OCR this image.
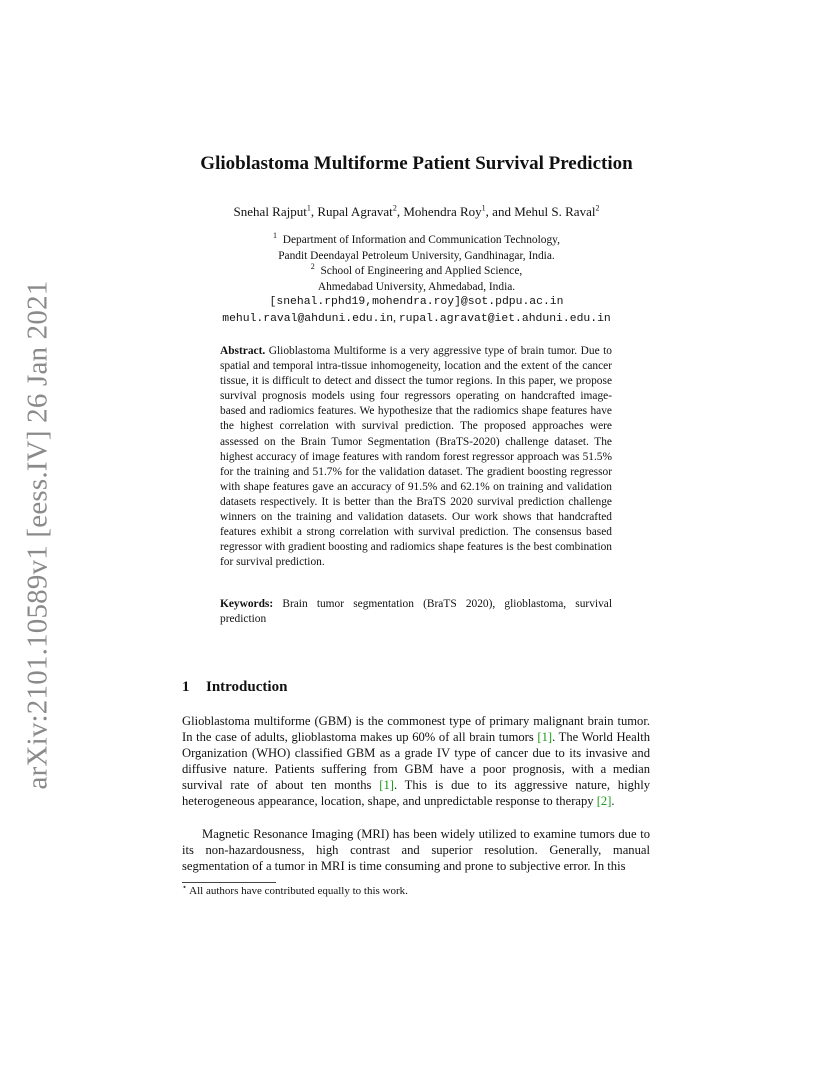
arXiv:2101.10589v1 [eess.IV] 26 Jan 2021
Glioblastoma Multiforme Patient Survival Prediction
Snehal Rajput$^1$, Rupal Agravat$^2$, Mohendra Roy$^1$, and Mehul S. Raval$^2$
$^1$ Department of Information and Communication Technology,
Pandit Deendayal Petroleum University, Gandhinagar, India.
$^2$ School of Engineering and Applied Science,
Ahmedabad University, Ahmedabad, India.
[snehal.rphd19,mohendra.roy]@sot.pdpu.ac.in
mehul.raval@ahduni.edu.in, rupal.agravat@iet.ahduni.edu.in
Abstract. Glioblastoma Multiforme is a very aggressive type of brain tumor. Due to spatial and temporal intra-tissue inhomogeneity, location and the extent of the cancer tissue, it is difficult to detect and dissect the tumor regions. In this paper, we propose survival prognosis models using four regressors operating on handcrafted image-based and radiomics features. We hypothesize that the radiomics shape features have the highest correlation with survival prediction. The proposed approaches were assessed on the Brain Tumor Segmentation (BraTS-2020) challenge dataset. The highest accuracy of image features with random forest regressor approach was 51.5% for the training and 51.7% for the validation dataset. The gradient boosting regressor with shape features gave an accuracy of 91.5% and 62.1% on training and validation datasets respectively. It is better than the BraTS 2020 survival prediction challenge winners on the training and validation datasets. Our work shows that handcrafted features exhibit a strong correlation with survival prediction. The consensus based regressor with gradient boosting and radiomics shape features is the best combination for survival prediction.
Keywords: Brain tumor segmentation (BraTS 2020), glioblastoma, survival prediction
1 Introduction
Glioblastoma multiforme (GBM) is the commonest type of primary malignant brain tumor. In the case of adults, glioblastoma makes up 60% of all brain tumors [1]. The World Health Organization (WHO) classified GBM as a grade IV type of cancer due to its invasive and diffusive nature. Patients suffering from GBM have a poor prognosis, with a median survival rate of about ten months [1]. This is due to its aggressive nature, highly heterogeneous appearance, location, shape, and unpredictable response to therapy [2].
Magnetic Resonance Imaging (MRI) has been widely utilized to examine tumors due to its non-hazardousness, high contrast and superior resolution. Generally, manual segmentation of a tumor in MRI is time consuming and prone to subjective error. In this
⋆ All authors have contributed equally to this work.
